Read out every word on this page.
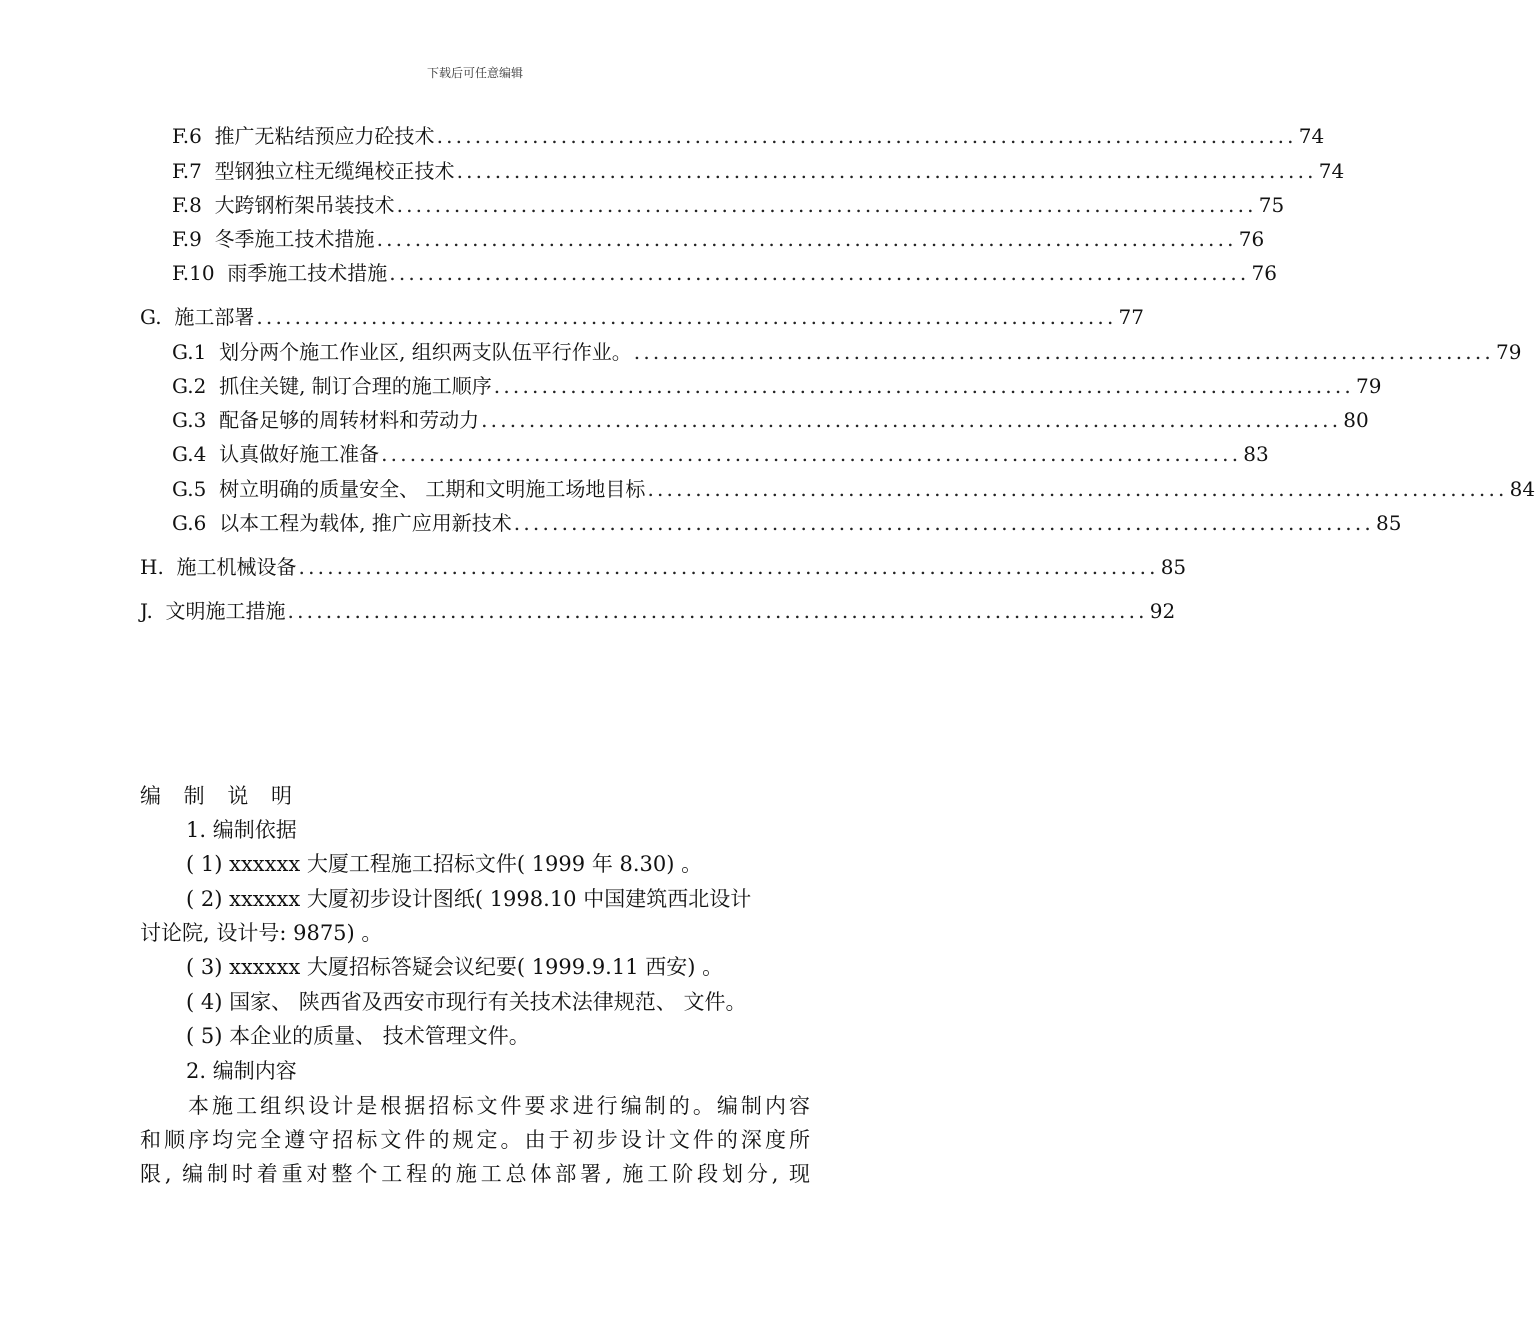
下载后可任意编辑
F.6
推广无粘结预应力砼技术 .......................................................................................... 74
F.7
型钢独立柱无缆绳校正技术 .......................................................................................... 74
F.8
大跨钢桁架吊装技术 .......................................................................................... 75
F.9
冬季施工技术措施 .......................................................................................... 76
F.10
雨季施工技术措施 .......................................................................................... 76
G.
施工部署 .......................................................................................... 77
G.1
划分两个施工作业区, 组织两支队伍平行作业。 .......................................................................................... 79
G.2
抓住关键, 制订合理的施工顺序 .......................................................................................... 79
G.3
配备足够的周转材料和劳动力 .......................................................................................... 80
G.4
认真做好施工准备 .......................................................................................... 83
G.5
树立明确的质量安全、 工期和文明施工场地目标 .......................................................................................... 84
G.6
以本工程为载体, 推广应用新技术 .......................................................................................... 85
H.
施工机械设备 .......................................................................................... 85
J.
文明施工措施 .......................................................................................... 92
编 制 说 明
1. 编制依据
( 1) xxxxxx 大厦工程施工招标文件( 1999 年 8.30) 。
( 2) xxxxxx 大厦初步设计图纸( 1998.10 中国建筑西北设计
讨论院, 设计号: 9875) 。
( 3) xxxxxx 大厦招标答疑会议纪要( 1999.9.11 西安) 。
( 4) 国家、 陕西省及西安市现行有关技术法律规范、 文件。
( 5) 本企业的质量、 技术管理文件。
2. 编制内容
本施工组织设计是根据招标文件要求进行编制的。编制内容
和顺序均完全遵守招标文件的规定。由于初步设计文件的深度所
限, 编制时着重对整个工程的施工总体部署, 施工阶段划分, 现
